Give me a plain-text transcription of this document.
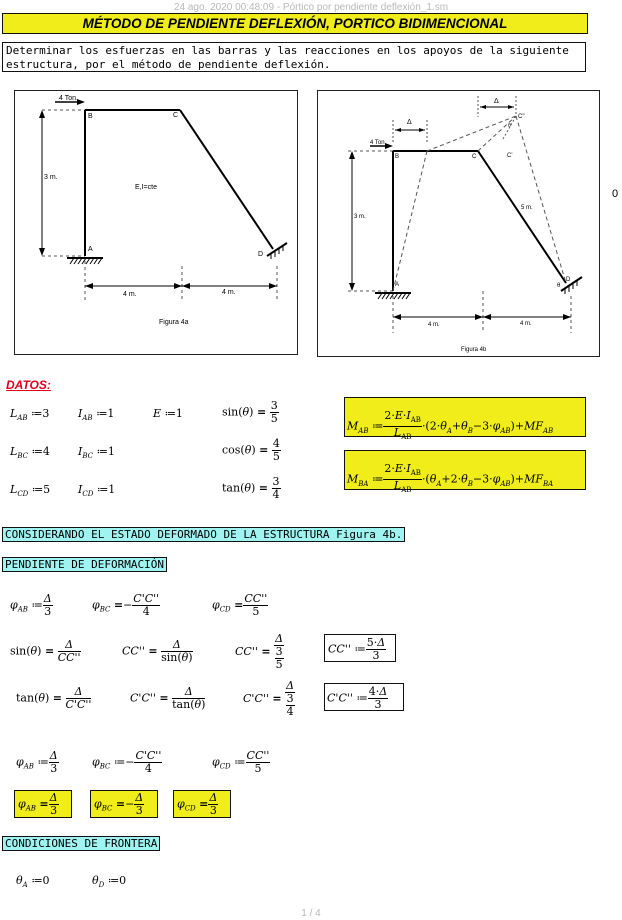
24 ago. 2020 00:48:09 - Pórtico por pendiente deflexión_1.sm
MÉTODO DE PENDIENTE DEFLEXIÓN, PORTICO BIDIMENCIONAL
Determinar los esfuerzas en las barras y las reacciones en los apoyos de la siguiente
estructura, por el método de pendiente deflexión.
0
4 Ton.
B	C
A
D
3 m.
E,I=cte
4 m.	4 m.
Figura 4a
Δ
Δ
C''
θ
C'
C
B
4 Ton.
A
D
θ
3 m.
5 m.
4 m.	4 m.
Figura 4b
DATOS:
$L_{AB}$ ≔3	$I_{AB}$ ≔1	E ≔1	$\sin(\theta) = \frac{3}{5}$
$L_{BC}$ ≔4	$I_{BC}$ ≔1	$\cos(\theta) = \frac{4}{5}$
$L_{CD}$ ≔5	$I_{CD}$ ≔1	$\tan(\theta) = \frac{3}{4}$
$M_{AB}$ ≔ $\frac{2\cdot E\cdot I_{AB}}{L_{AB}} \cdot(2\cdot\theta_A+\theta_B-3\cdot\varphi_{AB})+MF_{AB}$
$M_{BA}$ ≔ $\frac{2\cdot E\cdot I_{AB}}{L_{AB}} \cdot(\theta_A+2\cdot\theta_B-3\cdot\varphi_{AB})+MF_{BA}$
CONSIDERANDO EL ESTADO DEFORMADO DE LA ESTRUCTURA Figura 4b.
PENDIENTE DE DEFORMACIÓN
$\varphi_{AB}$ ≔ $\frac{\Delta}{3}$	$\varphi_{BC} =- \frac{C'C''}{4}$	$\varphi_{CD} = \frac{CC''}{5}$
$\sin(\theta) = \frac{\Delta}{CC''}$	$CC'' = \frac{\Delta}{\sin(\theta)}$	$CC'' = \frac{\Delta}{\frac{3}{5}}$	CC'' ≔ $\frac{5\cdot\Delta}{3}$
$\tan(\theta) = \frac{\Delta}{C'C''}$	$C'C'' = \frac{\Delta}{\tan(\theta)}$	$C'C'' = \frac{\Delta}{\frac{3}{4}}$	C'C'' ≔ $\frac{4\cdot\Delta}{3}$
$\varphi_{AB}$ ≔ $\frac{\Delta}{3}$	$\varphi_{BC}$ ≔− $\frac{C'C''}{4}$	$\varphi_{CD}$ ≔ $\frac{CC''}{5}$
$\varphi_{AB} = \frac{\Delta}{3}$	$\varphi_{BC} =- \frac{\Delta}{3}$	$\varphi_{CD} = \frac{\Delta}{3}$
CONDICIONES DE FRONTERA
$\theta_A$ ≔0	$\theta_D$ ≔0
1 / 4
